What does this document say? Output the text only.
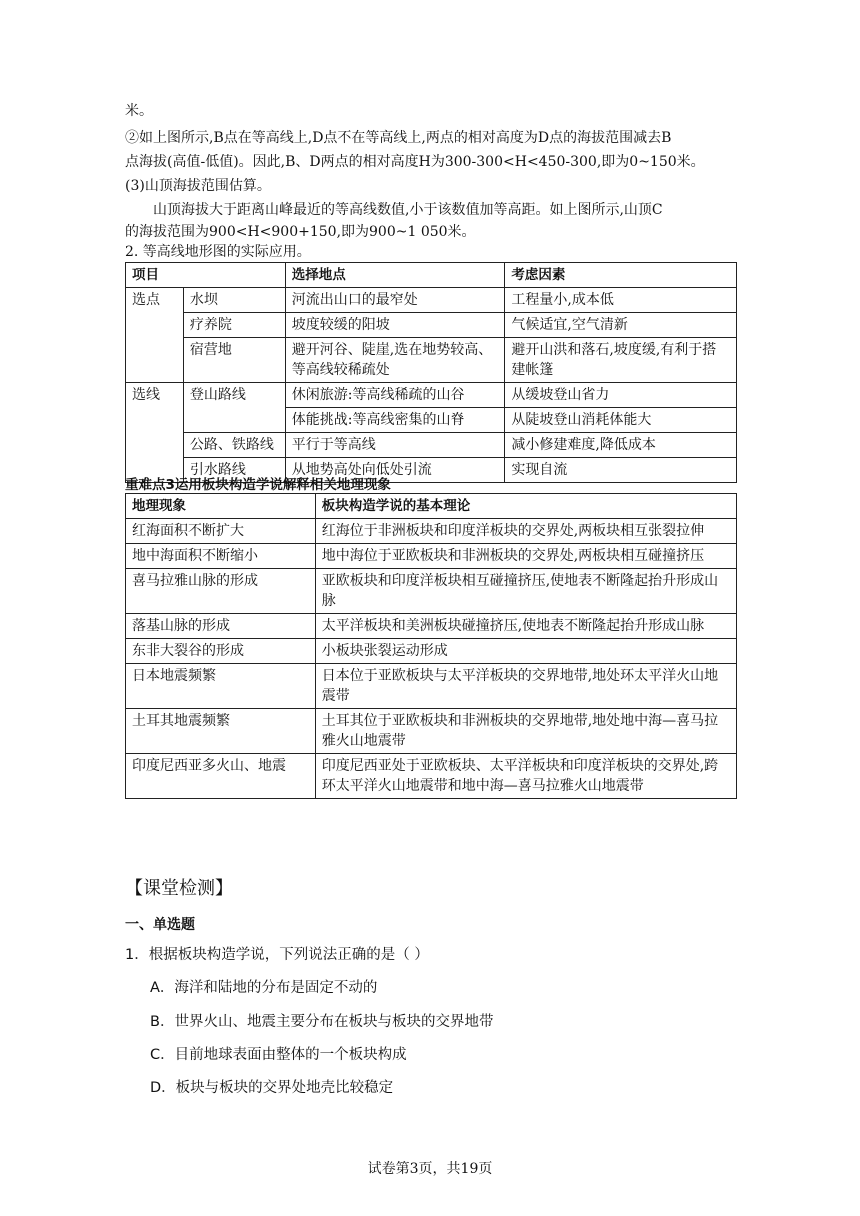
米。
②如上图所示,B点在等高线上,D点不在等高线上,两点的相对高度为D点的海拔范围减去B
点海拔(高值-低值)。因此,B、D两点的相对高度H为300-300<H<450-300,即为0~150米。
(3)山顶海拔范围估算。
山顶海拔大于距离山峰最近的等高线数值,小于该数值加等高距。如上图所示,山顶C
的海拔范围为900<H<900+150,即为900~1 050米。
2. 等高线地形图的实际应用。
项目		选择地点	考虑因素
选点	水坝	河流出山口的最窄处	工程量小,成本低
	疗养院	坡度较缓的阳坡	气候适宜,空气清新
	宿营地	避开河谷、陡崖,选在地势较高、等高线较稀疏处	避开山洪和落石,坡度缓,有利于搭建帐篷
选线	登山路线	休闲旅游:等高线稀疏的山谷	从缓坡登山省力
		体能挑战:等高线密集的山脊	从陡坡登山消耗体能大
	公路、铁路线	平行于等高线	减小修建难度,降低成本
	引水路线	从地势高处向低处引流	实现自流
重难点3运用板块构造学说解释相关地理现象
地理现象	板块构造学说的基本理论
红海面积不断扩大	红海位于非洲板块和印度洋板块的交界处,两板块相互张裂拉伸
地中海面积不断缩小	地中海位于亚欧板块和非洲板块的交界处,两板块相互碰撞挤压
喜马拉雅山脉的形成	亚欧板块和印度洋板块相互碰撞挤压,使地表不断隆起抬升形成山脉
落基山脉的形成	太平洋板块和美洲板块碰撞挤压,使地表不断隆起抬升形成山脉
东非大裂谷的形成	小板块张裂运动形成
日本地震频繁	日本位于亚欧板块与太平洋板块的交界地带,地处环太平洋火山地震带
土耳其地震频繁	土耳其位于亚欧板块和非洲板块的交界地带,地处地中海—喜马拉雅火山地震带
印度尼西亚多火山、地震	印度尼西亚处于亚欧板块、太平洋板块和印度洋板块的交界处,跨环太平洋火山地震带和地中海—喜马拉雅火山地震带
【课堂检测】
一、单选题
1．根据板块构造学说，下列说法正确的是（ ）
A．海洋和陆地的分布是固定不动的
B．世界火山、地震主要分布在板块与板块的交界地带
C．目前地球表面由整体的一个板块构成
D．板块与板块的交界处地壳比较稳定
试卷第3页，共19页
